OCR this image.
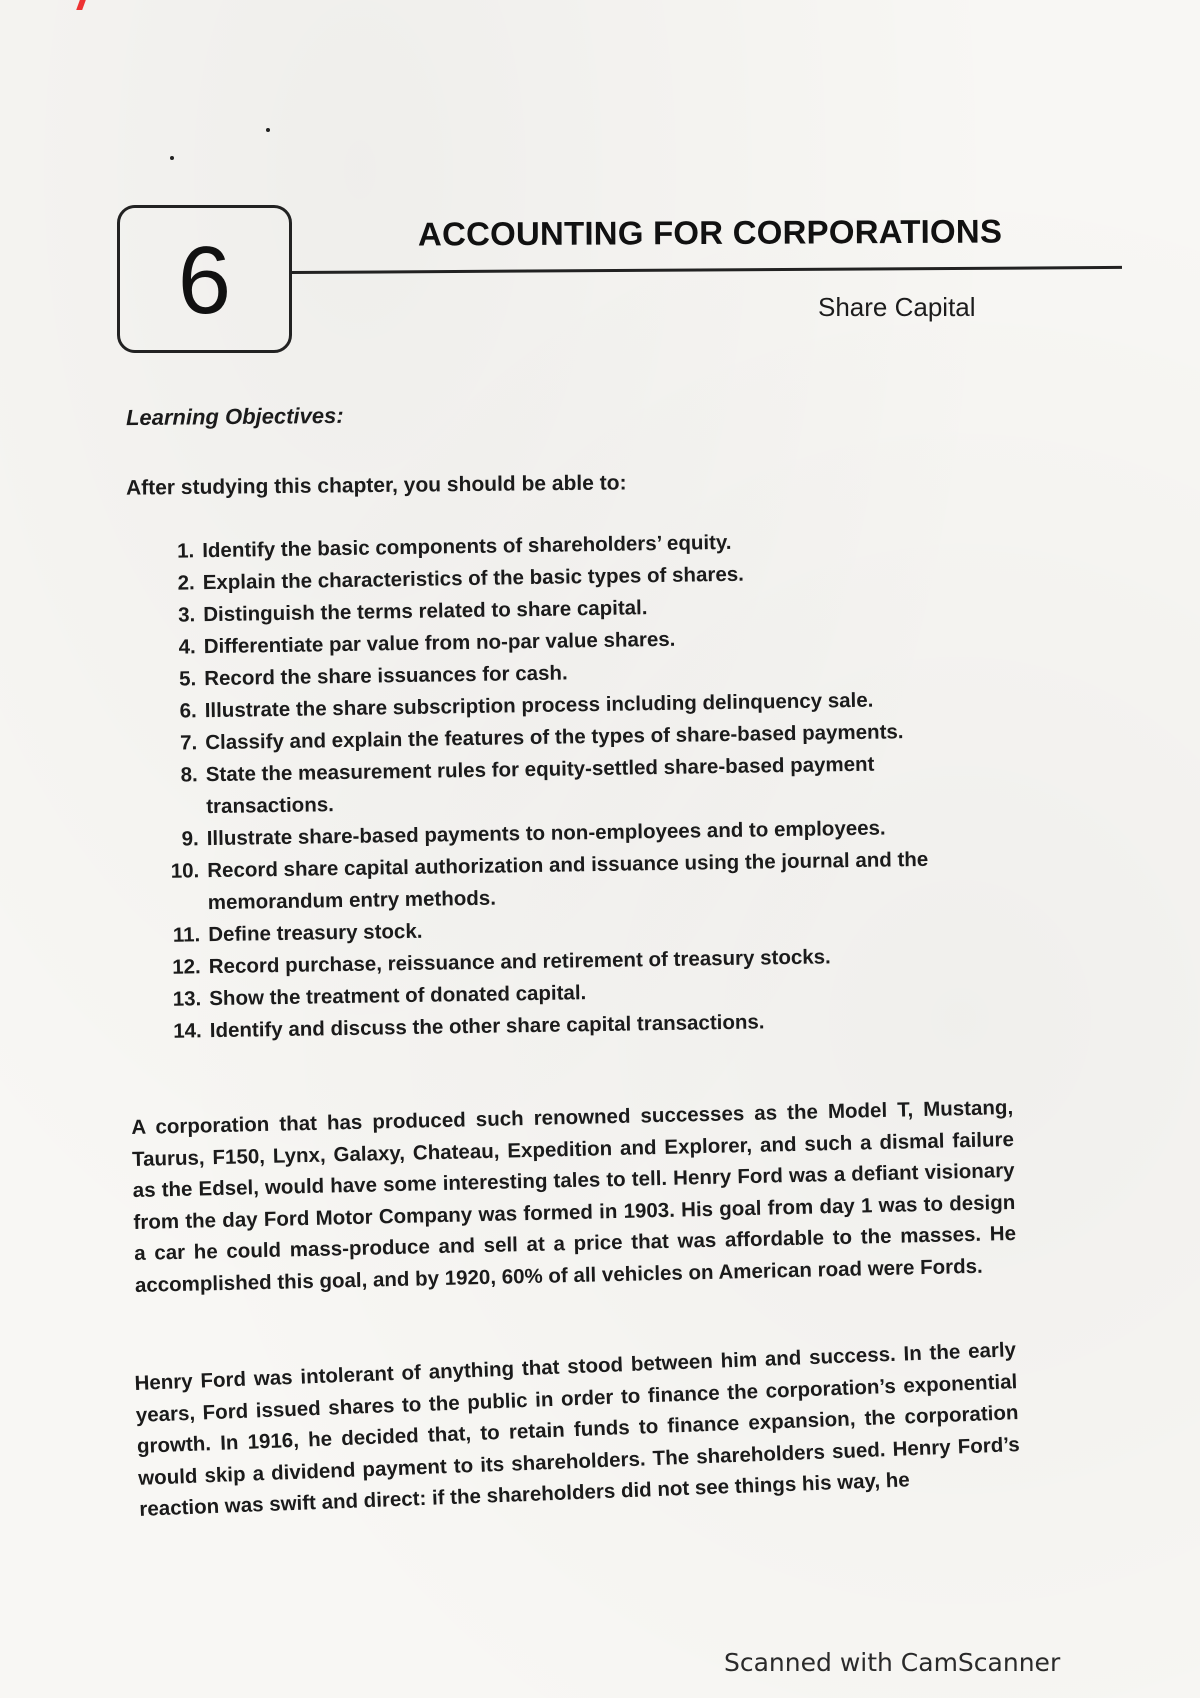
6	ACCOUNTING FOR CORPORATIONS
Share Capital
Learning Objectives:
After studying this chapter, you should be able to:
1. Identify the basic components of shareholders’ equity.
2. Explain the characteristics of the basic types of shares.
3. Distinguish the terms related to share capital.
4. Differentiate par value from no-par value shares.
5. Record the share issuances for cash.
6. Illustrate the share subscription process including delinquency sale.
7. Classify and explain the features of the types of share-based payments.
8. State the measurement rules for equity-settled share-based payment transactions.
9. Illustrate share-based payments to non-employees and to employees.
10. Record share capital authorization and issuance using the journal and the memorandum entry methods.
11. Define treasury stock.
12. Record purchase, reissuance and retirement of treasury stocks.
13. Show the treatment of donated capital.
14. Identify and discuss the other share capital transactions.

A corporation that has produced such renowned successes as the Model T, Mustang, Taurus, F150, Lynx, Galaxy, Chateau, Expedition and Explorer, and such a dismal failure as the Edsel, would have some interesting tales to tell. Henry Ford was a defiant visionary from the day Ford Motor Company was formed in 1903. His goal from day 1 was to design a car he could mass-produce and sell at a price that was affordable to the masses. He accomplished this goal, and by 1920, 60% of all vehicles on American road were Fords.

Henry Ford was intolerant of anything that stood between him and success. In the early years, Ford issued shares to the public in order to finance the corporation’s exponential growth. In 1916, he decided that, to retain funds to finance expansion, the corporation would skip a dividend payment to its shareholders. The shareholders sued. Henry Ford’s reaction was swift and direct: if the shareholders did not see things his way, he

Scanned with CamScanner
